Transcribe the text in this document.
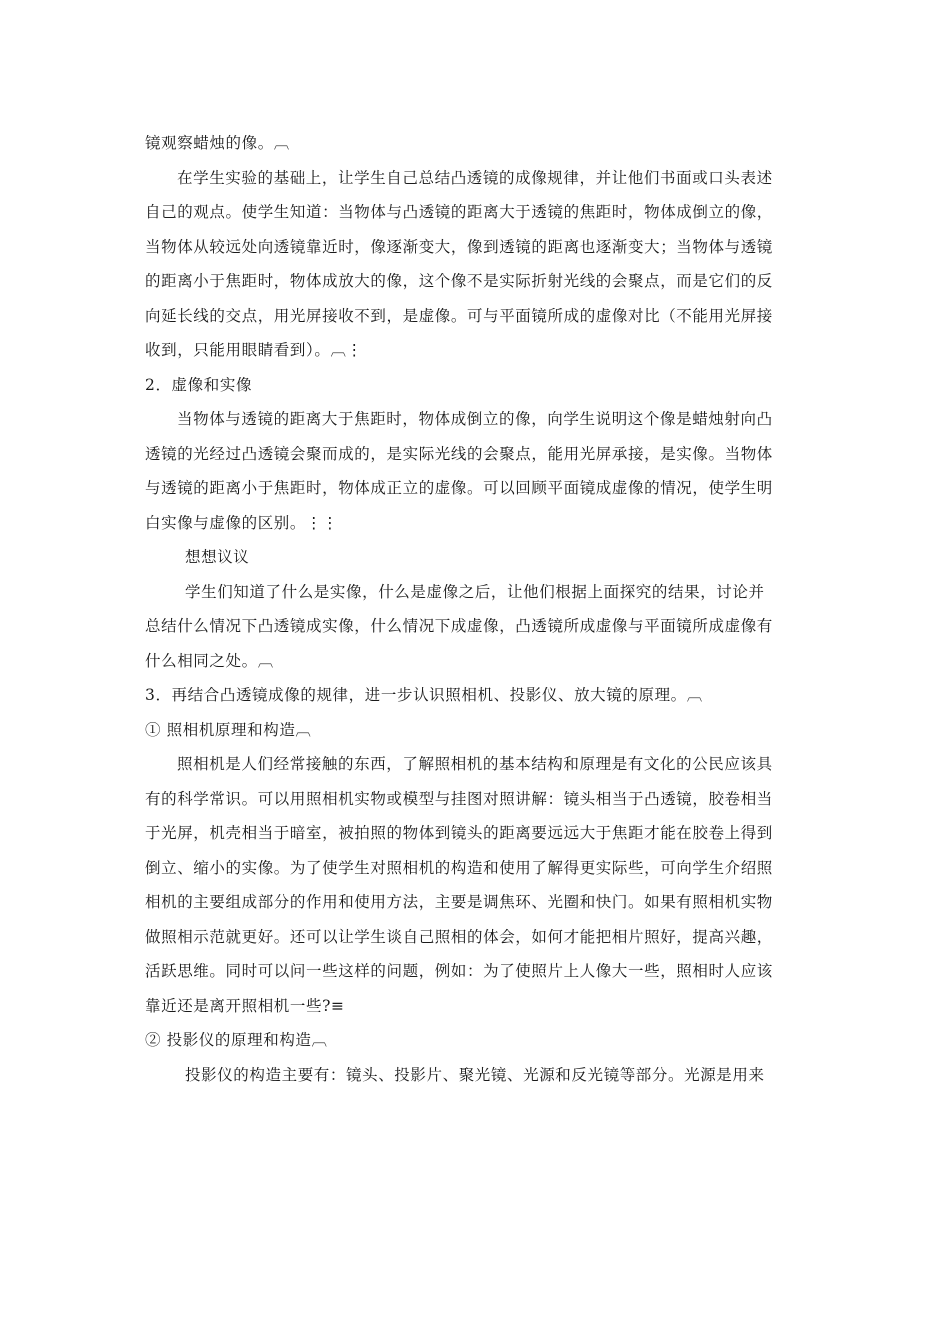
镜观察蜡烛的像。︹
在学生实验的基础上，让学生自己总结凸透镜的成像规律，并让他们书面或口头表述
自己的观点。使学生知道：当物体与凸透镜的距离大于透镜的焦距时，物体成倒立的像，
当物体从较远处向透镜靠近时，像逐渐变大，像到透镜的距离也逐渐变大；当物体与透镜
的距离小于焦距时，物体成放大的像，这个像不是实际折射光线的会聚点，而是它们的反
向延长线的交点，用光屏接收不到，是虚像。可与平面镜所成的虚像对比（不能用光屏接
收到，只能用眼睛看到）。︹⋮
2．虚像和实像
当物体与透镜的距离大于焦距时，物体成倒立的像，向学生说明这个像是蜡烛射向凸
透镜的光经过凸透镜会聚而成的，是实际光线的会聚点，能用光屏承接，是实像。当物体
与透镜的距离小于焦距时，物体成正立的虚像。可以回顾平面镜成虚像的情况，使学生明
白实像与虚像的区别。⋮⋮
想想议议
学生们知道了什么是实像，什么是虚像之后，让他们根据上面探究的结果，讨论并
总结什么情况下凸透镜成实像，什么情况下成虚像，凸透镜所成虚像与平面镜所成虚像有
什么相同之处。︹
3．再结合凸透镜成像的规律，进一步认识照相机、投影仪、放大镜的原理。︹
① 照相机原理和构造︹
照相机是人们经常接触的东西，了解照相机的基本结构和原理是有文化的公民应该具
有的科学常识。可以用照相机实物或模型与挂图对照讲解：镜头相当于凸透镜，胶卷相当
于光屏，机壳相当于暗室，被拍照的物体到镜头的距离要远远大于焦距才能在胶卷上得到
倒立、缩小的实像。为了使学生对照相机的构造和使用了解得更实际些，可向学生介绍照
相机的主要组成部分的作用和使用方法，主要是调焦环、光圈和快门。如果有照相机实物
做照相示范就更好。还可以让学生谈自己照相的体会，如何才能把相片照好，提高兴趣，
活跃思维。同时可以问一些这样的问题，例如：为了使照片上人像大一些，照相时人应该
靠近还是离开照相机一些?≡
② 投影仪的原理和构造︹
投影仪的构造主要有：镜头、投影片、聚光镜、光源和反光镜等部分。光源是用来
